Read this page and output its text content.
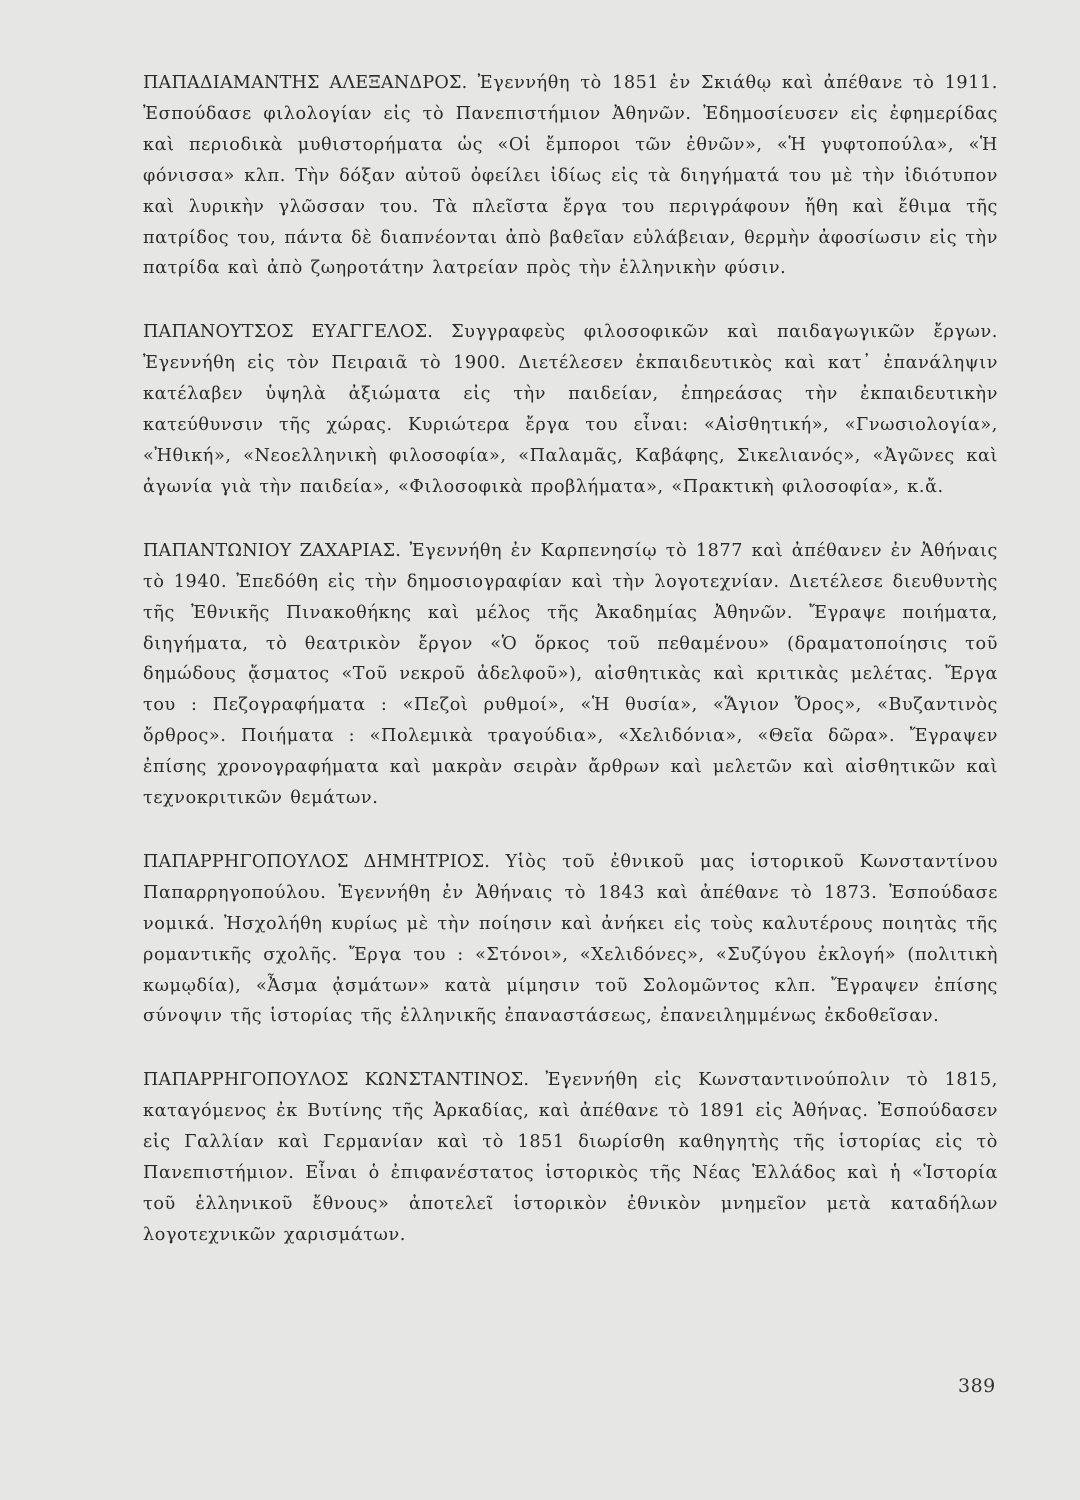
ΠΑΠΑΔΙΑΜΑΝΤΗΣ ΑΛΕΞΑΝΔΡΟΣ. Ἐγεννήθη τὸ 1851 ἐν Σκιάθῳ καὶ ἀπέθανε τὸ 1911. Ἐσπούδασε φιλολογίαν εἰς τὸ Πανεπιστήμιον Ἀθηνῶν. Ἐδημοσίευσεν εἰς ἐφημερίδας καὶ περιοδικὰ μυθιστορήματα ὡς «Οἱ ἔμποροι τῶν ἐθνῶν», «Ἡ γυφτοπούλα», «Ἡ φόνισσα» κλπ. Τὴν δόξαν αὐτοῦ ὀφείλει ἰδίως εἰς τὰ διηγήματά του μὲ τὴν ἰδιότυπον καὶ λυρικὴν γλῶσσαν του. Τὰ πλεῖστα ἔργα του περιγράφουν ἤθη καὶ ἔθιμα τῆς πατρίδος του, πάντα δὲ διαπνέονται ἀπὸ βαθεῖαν εὐλάβειαν, θερμὴν ἀφοσίωσιν εἰς τὴν πατρίδα καὶ ἀπὸ ζωηροτάτην λατρείαν πρὸς τὴν ἑλληνικὴν φύσιν.

ΠΑΠΑΝΟΥΤΣΟΣ ΕΥΑΓΓΕΛΟΣ. Συγγραφεὺς φιλοσοφικῶν καὶ παιδαγωγικῶν ἔργων. Ἐγεννήθη εἰς τὸν Πειραιᾶ τὸ 1900. Διετέλεσεν ἐκπαιδευτικὸς καὶ κατ᾽ ἐπανάληψιν κατέλαβεν ὑψηλὰ ἀξιώματα εἰς τὴν παιδείαν, ἐπηρεάσας τὴν ἐκπαιδευτικὴν κατεύθυνσιν τῆς χώρας. Κυριώτερα ἔργα του εἶναι: «Αἰσθητική», «Γνωσιολογία», «Ἠθική», «Νεοελληνικὴ φιλοσοφία», «Παλαμᾶς, Καβάφης, Σικελιανός», «Ἀγῶνες καὶ ἀγωνία γιὰ τὴν παιδεία», «Φιλοσοφικὰ προβλήματα», «Πρακτικὴ φιλοσοφία», κ.ἄ.

ΠΑΠΑΝΤΩΝΙΟΥ ΖΑΧΑΡΙΑΣ. Ἐγεννήθη ἐν Καρπενησίῳ τὸ 1877 καὶ ἀπέθανεν ἐν Ἀθήναις τὸ 1940. Ἐπεδόθη εἰς τὴν δημοσιογραφίαν καὶ τὴν λογοτεχνίαν. Διετέλεσε διευθυντὴς τῆς Ἐθνικῆς Πινακοθήκης καὶ μέλος τῆς Ἀκαδημίας Ἀθηνῶν. Ἔγραψε ποιήματα, διηγήματα, τὸ θεατρικὸν ἔργον «Ὁ ὅρκος τοῦ πεθαμένου» (δραματοποίησις τοῦ δημώδους ᾄσματος «Τοῦ νεκροῦ ἀδελφοῦ»), αἰσθητικὰς καὶ κριτικὰς μελέτας. Ἔργα του : Πεζογραφήματα : «Πεζοὶ ρυθμοί», «Ἡ θυσία», «Ἅγιον Ὄρος», «Βυζαντινὸς ὄρθρος». Ποιήματα : «Πολεμικὰ τραγούδια», «Χελιδόνια», «Θεῖα δῶρα». Ἔγραψεν ἐπίσης χρονογραφήματα καὶ μακρὰν σειρὰν ἄρθρων καὶ μελετῶν καὶ αἰσθητικῶν καὶ τεχνοκριτικῶν θεμάτων.

ΠΑΠΑΡΡΗΓΟΠΟΥΛΟΣ ΔΗΜΗΤΡΙΟΣ. Υἱὸς τοῦ ἐθνικοῦ μας ἱστορικοῦ Κωνσταντίνου Παπαρρηγοπούλου. Ἐγεννήθη ἐν Ἀθήναις τὸ 1843 καὶ ἀπέθανε τὸ 1873. Ἐσπούδασε νομικά. Ἠσχολήθη κυρίως μὲ τὴν ποίησιν καὶ ἀνήκει εἰς τοὺς καλυτέρους ποιητὰς τῆς ρομαντικῆς σχολῆς. Ἔργα του : «Στόνοι», «Χελιδόνες», «Συζύγου ἐκλογή» (πολιτικὴ κωμῳδία), «Ἆσμα ᾀσμάτων» κατὰ μίμησιν τοῦ Σολομῶντος κλπ. Ἔγραψεν ἐπίσης σύνοψιν τῆς ἱστορίας τῆς ἑλληνικῆς ἐπαναστάσεως, ἐπανειλημμένως ἐκδοθεῖσαν.

ΠΑΠΑΡΡΗΓΟΠΟΥΛΟΣ ΚΩΝΣΤΑΝΤΙΝΟΣ. Ἐγεννήθη εἰς Κωνσταντινούπολιν τὸ 1815, καταγόμενος ἐκ Βυτίνης τῆς Ἀρκαδίας, καὶ ἀπέθανε τὸ 1891 εἰς Ἀθήνας. Ἐσπούδασεν εἰς Γαλλίαν καὶ Γερμανίαν καὶ τὸ 1851 διωρίσθη καθηγητὴς τῆς ἱστορίας εἰς τὸ Πανεπιστήμιον. Εἶναι ὁ ἐπιφανέστατος ἱστορικὸς τῆς Νέας Ἑλλάδος καὶ ἡ «Ἱστορία τοῦ ἑλληνικοῦ ἔθνους» ἀποτελεῖ ἱστορικὸν ἐθνικὸν μνημεῖον μετὰ καταδήλων λογοτεχνικῶν χαρισμάτων.

389
